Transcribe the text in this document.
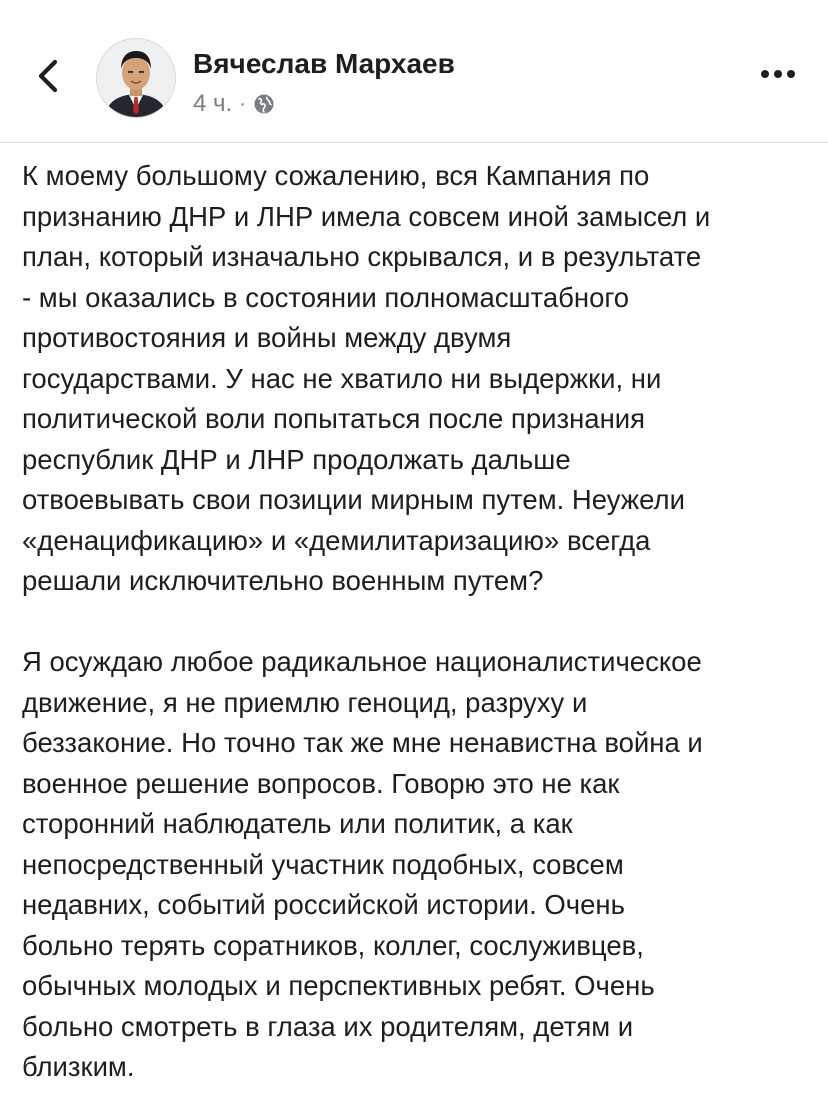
Вячеслав Мархаев
4 ч. ·
К моему большому сожалению, вся Кампания по
признанию ДНР и ЛНР имела совсем иной замысел и
план, который изначально скрывался, и в результате
- мы оказались в состоянии полномасштабного
противостояния и войны между двумя
государствами. У нас не хватило ни выдержки, ни
политической воли попытаться после признания
республик ДНР и ЛНР продолжать дальше
отвоевывать свои позиции мирным путем. Неужели
«денацификацию» и «демилитаризацию» всегда
решали исключительно военным путем?
Я осуждаю любое радикальное националистическое
движение, я не приемлю геноцид, разруху и
беззаконие. Но точно так же мне ненавистна война и
военное решение вопросов. Говорю это не как
сторонний наблюдатель или политик, а как
непосредственный участник подобных, совсем
недавних, событий российской истории. Очень
больно терять соратников, коллег, сослуживцев,
обычных молодых и перспективных ребят. Очень
больно смотреть в глаза их родителям, детям и
близким.
